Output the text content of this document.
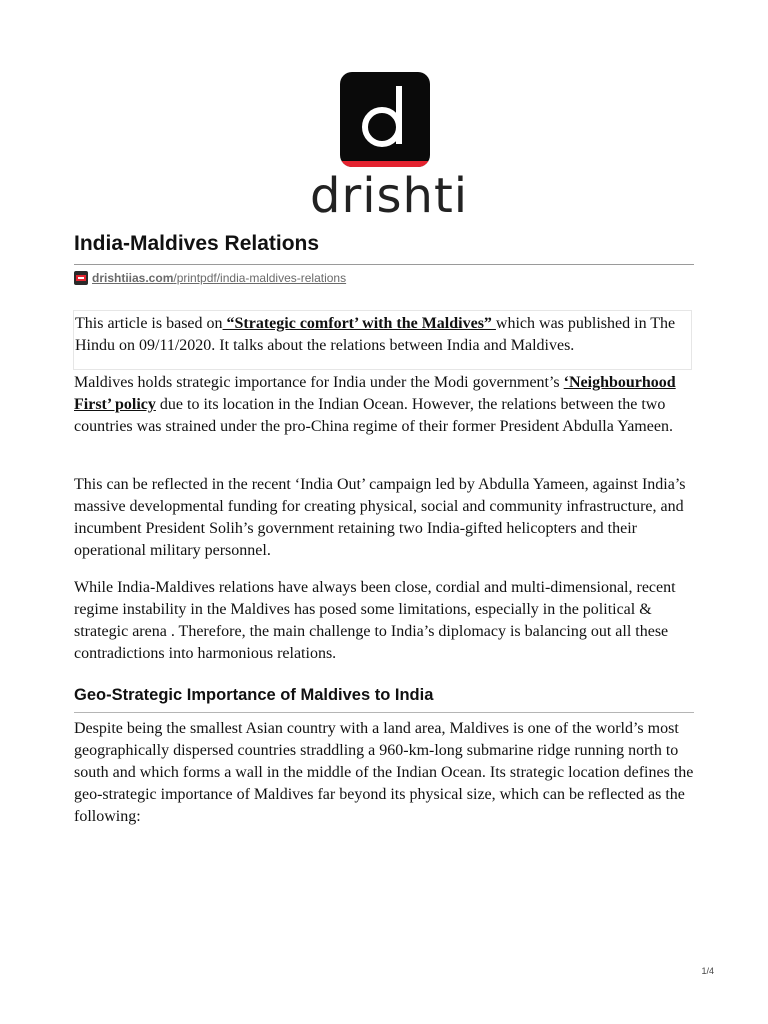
drishti
India-Maldives Relations
drishtiias.com/printpdf/india-maldives-relations
This article is based on “Strategic comfort’ with the Maldives” which was published in The Hindu on 09/11/2020. It talks about the relations between India and Maldives.

Maldives holds strategic importance for India under the Modi government’s ‘Neighbourhood First’ policy due to its location in the Indian Ocean. However, the relations between the two countries was strained under the pro-China regime of their former President Abdulla Yameen.

This can be reflected in the recent ‘India Out’ campaign led by Abdulla Yameen, against India’s massive developmental funding for creating physical, social and community infrastructure, and incumbent President Solih’s government retaining two India-gifted helicopters and their operational military personnel.

While India-Maldives relations have always been close, cordial and multi-dimensional, recent regime instability in the Maldives has posed some limitations, especially in the political & strategic arena . Therefore, the main challenge to India’s diplomacy is balancing out all these contradictions into harmonious relations.

Geo-Strategic Importance of Maldives to India

Despite being the smallest Asian country with a land area, Maldives is one of the world’s most geographically dispersed countries straddling a 960-km-long submarine ridge running north to south and which forms a wall in the middle of the Indian Ocean. Its strategic location defines the geo-strategic importance of Maldives far beyond its physical size, which can be reflected as the following:

1/4
